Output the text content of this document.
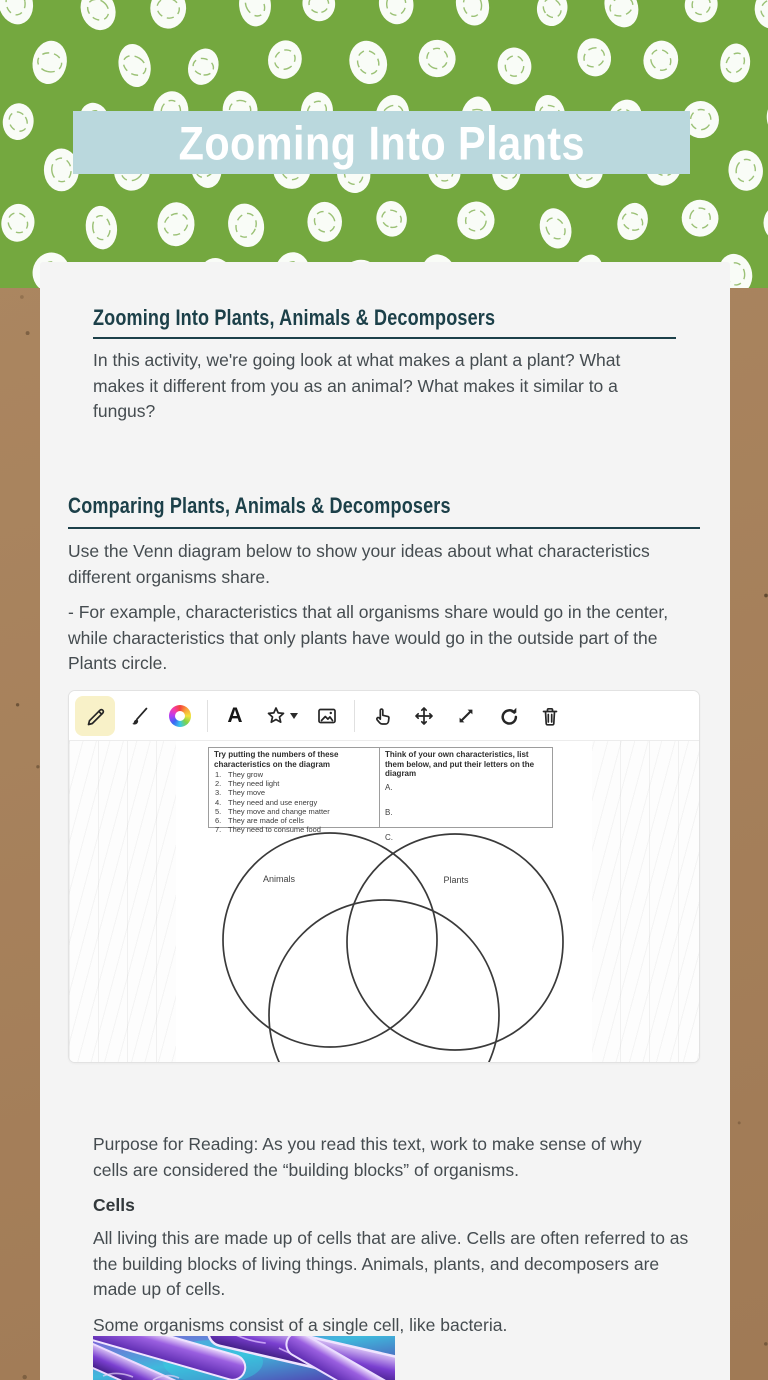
Zooming Into Plants
Zooming Into Plants, Animals & Decomposers

In this activity, we're going look at what makes a plant a plant? What makes it different from you as an animal? What makes it similar to a fungus?

Comparing Plants, Animals & Decomposers

Use the Venn diagram below to show your ideas about what characteristics different organisms share.

- For example, characteristics that all organisms share would go in the center, while characteristics that only plants have would go in the outside part of the Plants circle.

A
Try putting the numbers of these characteristics on the diagram
They grow
They need light
They move
They need and use energy
They move and change matter
They are made of cells
They need to consume food
Think of your own characteristics, list them below, and put their letters on the diagram
A.
B.
C.
Animals	Plants

Purpose for Reading: As you read this text, work to make sense of why cells are considered the “building blocks” of organisms.

Cells

All living this are made up of cells that are alive. Cells are often referred to as the building blocks of living things. Animals, plants, and decomposers are made up of cells.

Some organisms consist of a single cell, like bacteria.
